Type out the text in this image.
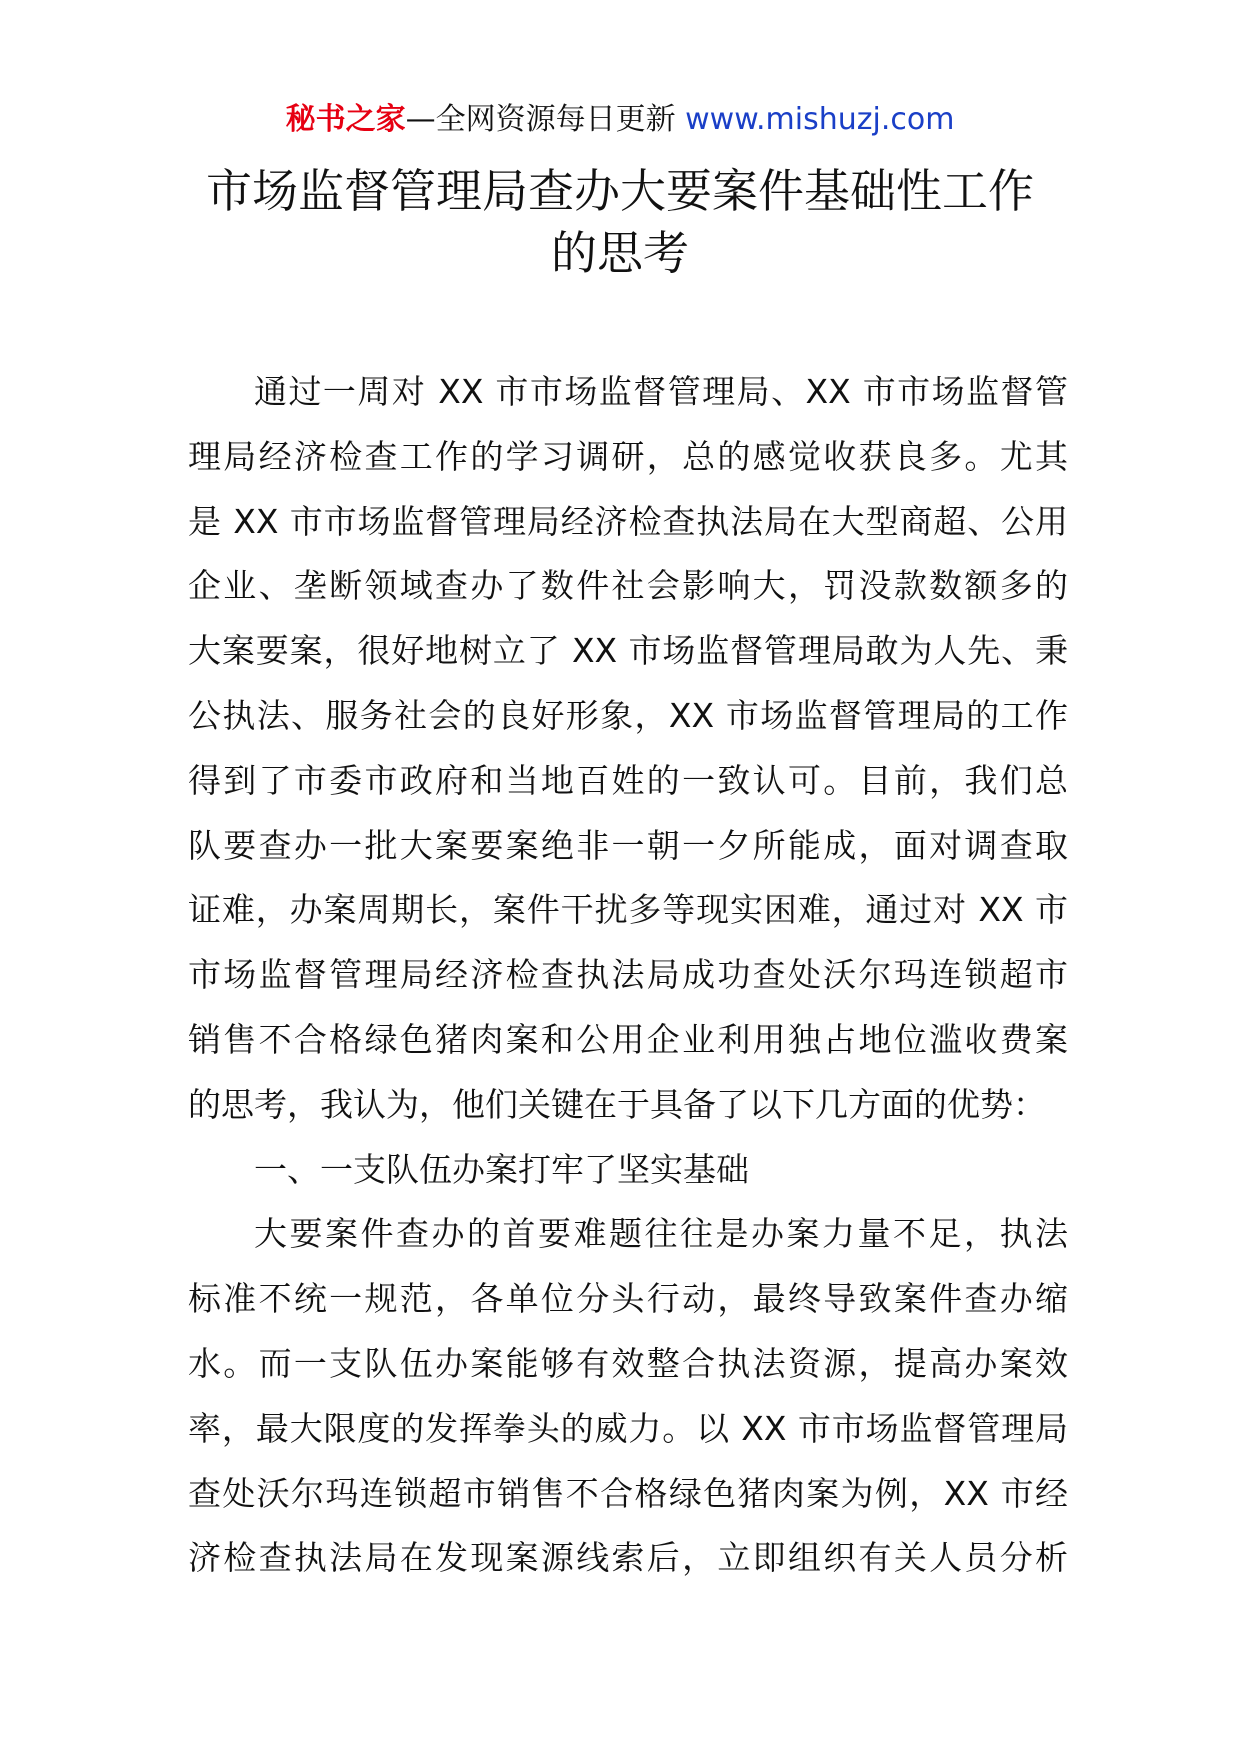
秘书之家—全网资源每日更新 www.mishuzj.com
市场监督管理局查办大要案件基础性工作
的思考
通过一周对 XX 市市场监督管理局、XX 市市场监督管
理局经济检查工作的学习调研，总的感觉收获良多。尤其
是 XX 市市场监督管理局经济检查执法局在大型商超、公用
企业、垄断领域查办了数件社会影响大，罚没款数额多的
大案要案，很好地树立了 XX 市场监督管理局敢为人先、秉
公执法、服务社会的良好形象，XX 市场监督管理局的工作
得到了市委市政府和当地百姓的一致认可。目前，我们总
队要查办一批大案要案绝非一朝一夕所能成，面对调查取
证难，办案周期长，案件干扰多等现实困难，通过对 XX 市
市场监督管理局经济检查执法局成功查处沃尔玛连锁超市
销售不合格绿色猪肉案和公用企业利用独占地位滥收费案
的思考，我认为，他们关键在于具备了以下几方面的优势：
一、一支队伍办案打牢了坚实基础
大要案件查办的首要难题往往是办案力量不足，执法
标准不统一规范，各单位分头行动，最终导致案件查办缩
水。而一支队伍办案能够有效整合执法资源，提高办案效
率，最大限度的发挥拳头的威力。以 XX 市市场监督管理局
查处沃尔玛连锁超市销售不合格绿色猪肉案为例，XX 市经
济检查执法局在发现案源线索后，立即组织有关人员分析
